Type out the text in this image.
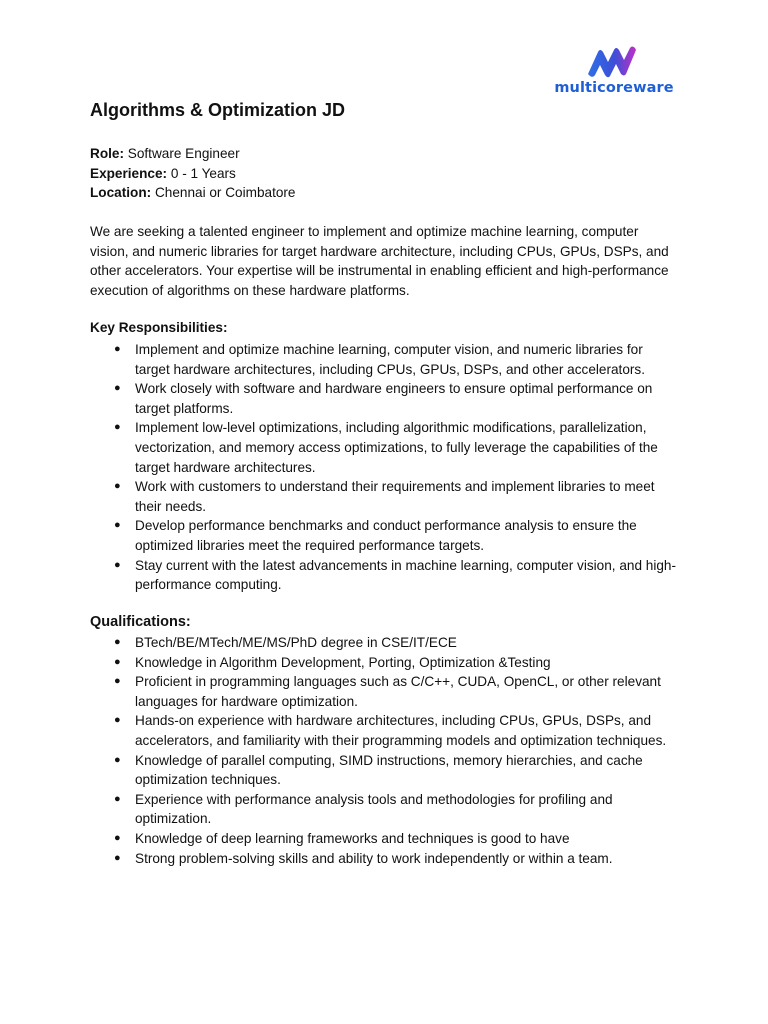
multicoreware
Algorithms & Optimization JD
Role: Software Engineer
Experience: 0 - 1 Years
Location: Chennai or Coimbatore
We are seeking a talented engineer to implement and optimize machine learning, computer vision, and numeric libraries for target hardware architecture, including CPUs, GPUs, DSPs, and other accelerators. Your expertise will be instrumental in enabling efficient and high-performance execution of algorithms on these hardware platforms.
Key Responsibilities:
● Implement and optimize machine learning, computer vision, and numeric libraries for target hardware architectures, including CPUs, GPUs, DSPs, and other accelerators.
● Work closely with software and hardware engineers to ensure optimal performance on target platforms.
● Implement low-level optimizations, including algorithmic modifications, parallelization, vectorization, and memory access optimizations, to fully leverage the capabilities of the target hardware architectures.
● Work with customers to understand their requirements and implement libraries to meet their needs.
● Develop performance benchmarks and conduct performance analysis to ensure the optimized libraries meet the required performance targets.
● Stay current with the latest advancements in machine learning, computer vision, and high-performance computing.
Qualifications:
● BTech/BE/MTech/ME/MS/PhD degree in CSE/IT/ECE
● Knowledge in Algorithm Development, Porting, Optimization &Testing
● Proficient in programming languages such as C/C++, CUDA, OpenCL, or other relevant languages for hardware optimization.
● Hands-on experience with hardware architectures, including CPUs, GPUs, DSPs, and accelerators, and familiarity with their programming models and optimization techniques.
● Knowledge of parallel computing, SIMD instructions, memory hierarchies, and cache optimization techniques.
● Experience with performance analysis tools and methodologies for profiling and optimization.
● Knowledge of deep learning frameworks and techniques is good to have
● Strong problem-solving skills and ability to work independently or within a team.
